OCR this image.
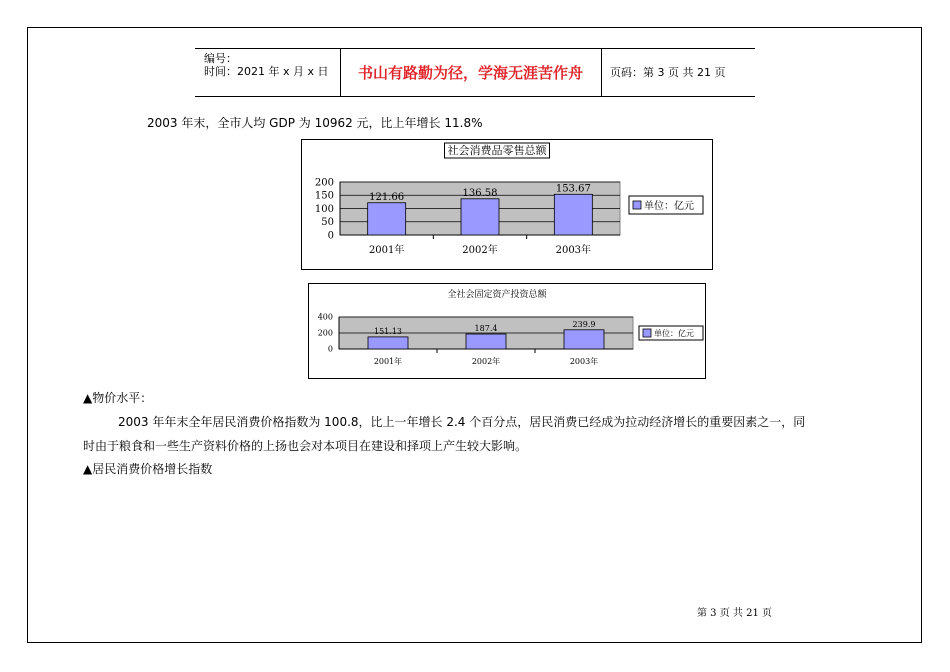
编号：
时间：2021 年 x 月 x 日	书山有路勤为径，学海无涯苦作舟	页码：第 3 页 共 21 页
2003 年末，全市人均 GDP 为 10962 元，比上年增长 11.8%
社会消费品零售总额
200
150
100
50
0
121.66
2001年
136.58
2002年
153.67
2003年
单位：亿元
全社会固定资产投资总额
400
200
0
151.13
2001年
187.4
2002年
239.9
2003年
单位：亿元
▲物价水平：
2003 年年末全年居民消费价格指数为 100.8，比上一年增长 2.4 个百分点，居民消费已经成为拉动经济增长的重要因素之一，同
时由于粮食和一些生产资料价格的上扬也会对本项目在建设和择项上产生较大影响。
▲居民消费价格增长指数
第 3 页 共 21 页
